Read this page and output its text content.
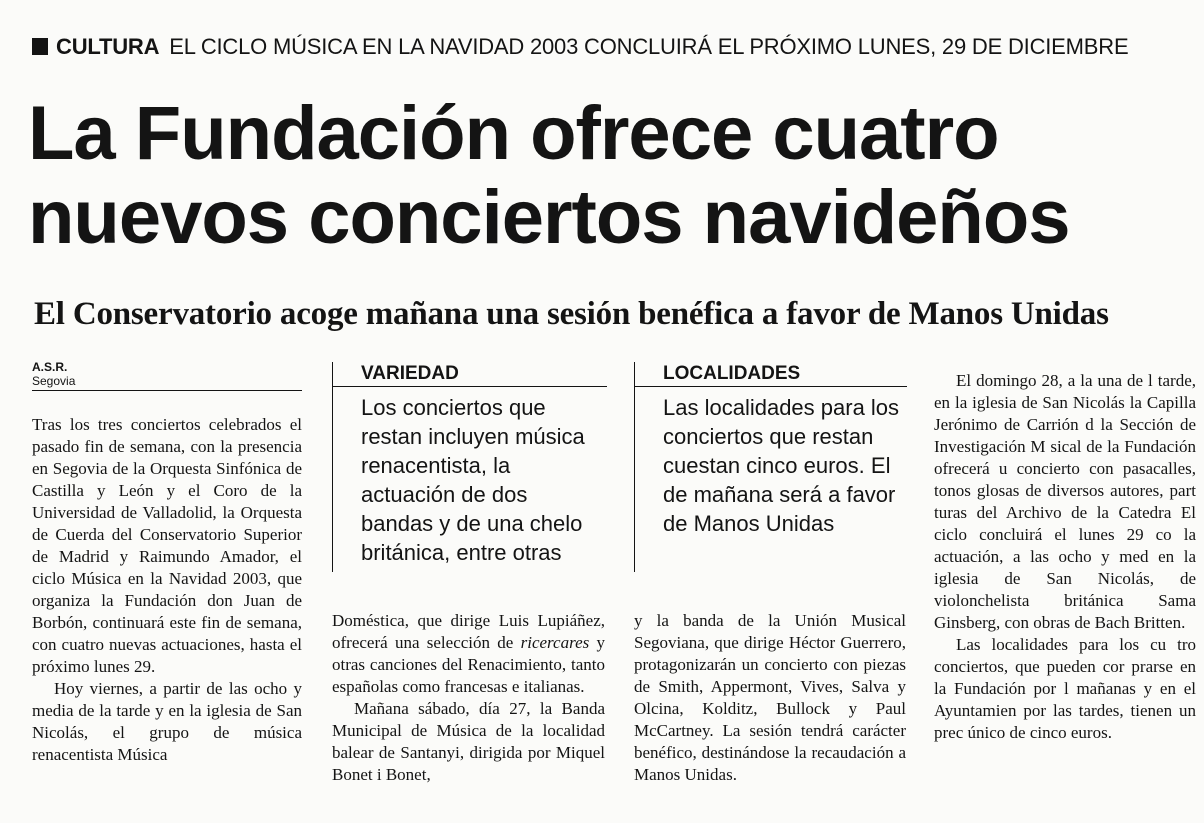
CULTURA EL CICLO MÚSICA EN LA NAVIDAD 2003 CONCLUIRÁ EL PRÓXIMO LUNES, 29 DE DICIEMBRE
La Fundación ofrece cuatro
nuevos conciertos navideños
El Conservatorio acoge mañana una sesión benéfica a favor de Manos Unidas
A.S.R.
Segovia

Tras los tres conciertos celebrados el pasado fin de semana, con la presencia en Segovia de la Orquesta Sinfónica de Castilla y León y el Coro de la Universidad de Valladolid, la Orquesta de Cuerda del Conservatorio Superior de Madrid y Raimundo Amador, el ciclo Música en la Navidad 2003, que organiza la Fundación don Juan de Borbón, continuará este fin de semana, con cuatro nuevas actuaciones, hasta el próximo lunes 29.

Hoy viernes, a partir de las ocho y media de la tarde y en la iglesia de San Nicolás, el grupo de música renacentista Música

VARIEDAD
Los conciertos que restan incluyen música renacentista, la actuación de dos bandas y de una chelo británica, entre otras

Doméstica, que dirige Luis Lupiáñez, ofrecerá una selección de ricercares y otras canciones del Renacimiento, tanto españolas como francesas e italianas.

Mañana sábado, día 27, la Banda Municipal de Música de la localidad balear de Santanyi, dirigida por Miquel Bonet i Bonet,

LOCALIDADES
Las localidades para los conciertos que restan cuestan cinco euros. El de mañana será a favor de Manos Unidas

y la banda de la Unión Musical Segoviana, que dirige Héctor Guerrero, protagonizarán un concierto con piezas de Smith, Appermont, Vives, Salva y Olcina, Kolditz, Bullock y Paul McCartney. La sesión tendrá carácter benéfico, destinándose la recaudación a Manos Unidas.

El domingo 28, a la una de l tarde, en la iglesia de San Nicolás la Capilla Jerónimo de Carrión d la Sección de Investigación M sical de la Fundación ofrecerá u concierto con pasacalles, tonos glosas de diversos autores, part turas del Archivo de la Catedra El ciclo concluirá el lunes 29 co la actuación, a las ocho y med en la iglesia de San Nicolás, de violonchelista británica Sama Ginsberg, con obras de Bach Britten.

Las localidades para los cu tro conciertos, que pueden cor prarse en la Fundación por l mañanas y en el Ayuntamien por las tardes, tienen un prec único de cinco euros.
